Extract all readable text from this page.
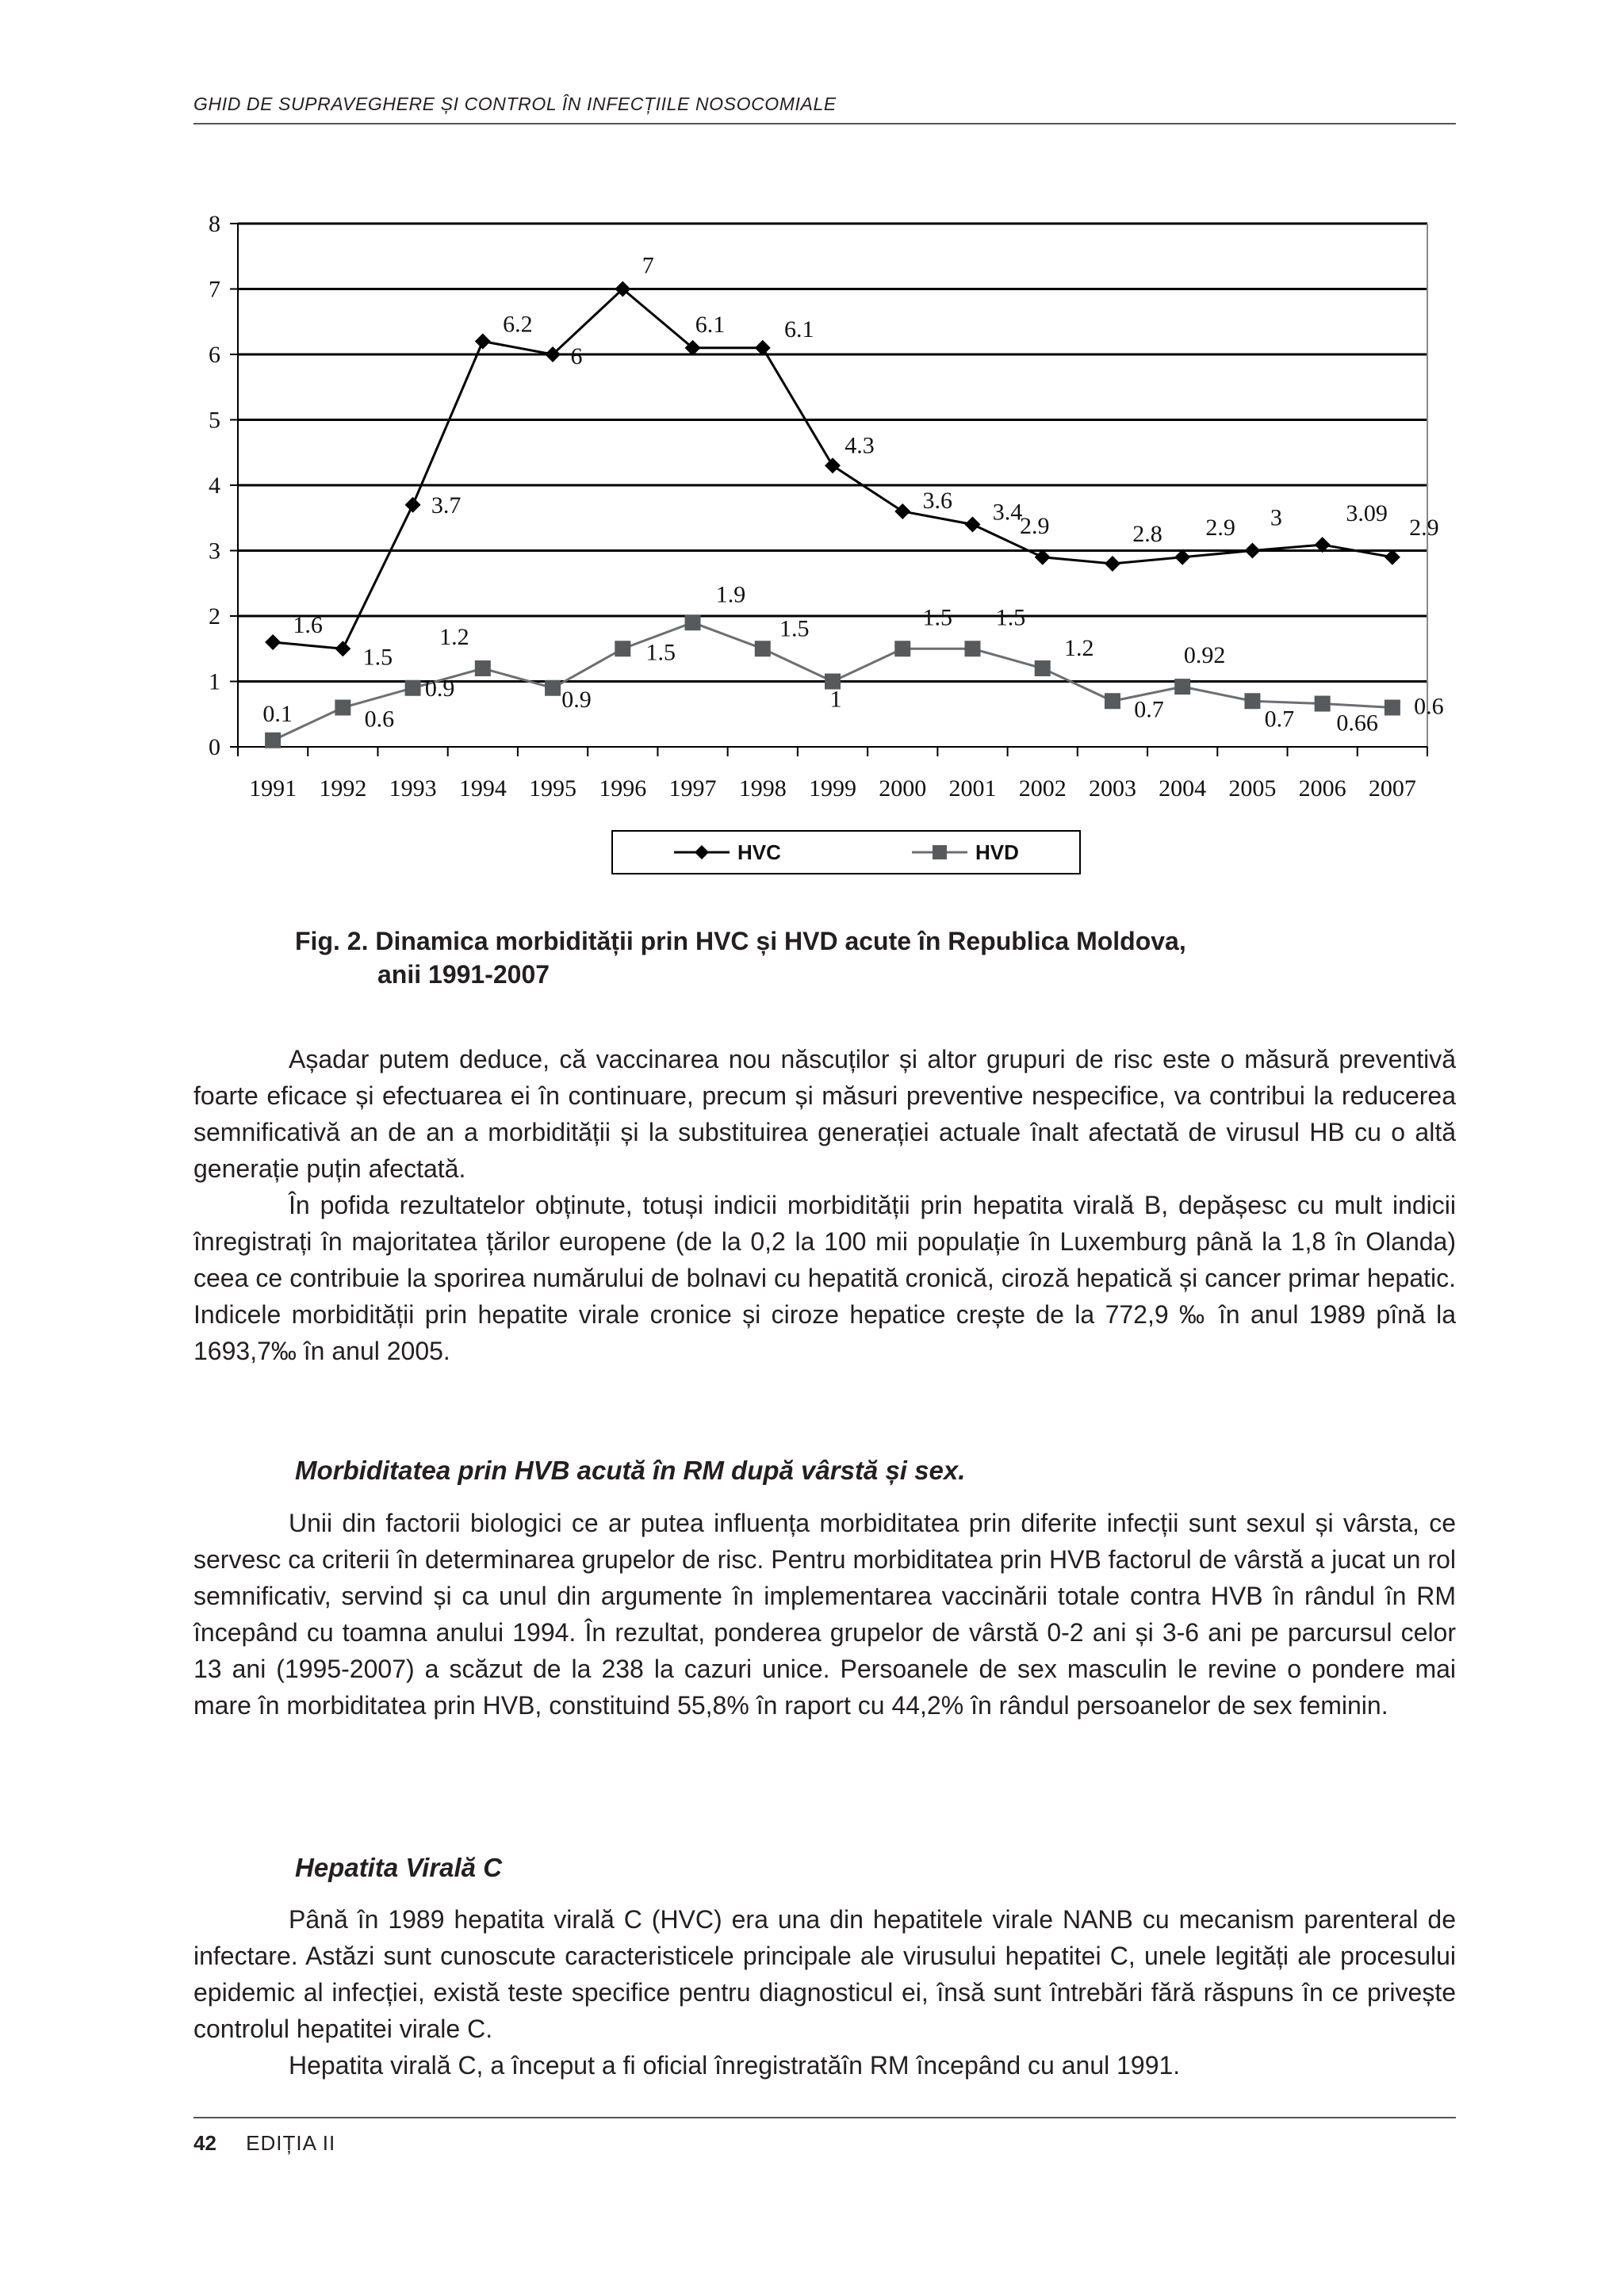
GHID DE SUPRAVEGHERE ȘI CONTROL ÎN INFECȚIILE NOSOCOMIALE
0
1
2
3
4
5
6
7
8
1991 1992 1993 1994 1995 1996 1997 1998 1999 2000 2001 2002 2003 2004 2005 2006 2007
1.6
1.5
3.7
6.2
6
7
6.1 6.1
4.3
3.6 3.4
2.9	2.8 2.9 3	3.09
2.9
0.1	0.6
0.9
1.2
0.9
1.5
1.9
1.5
1
1.5 1.5
1.2
0.7
0.92
0.7 0.66
0.6
HVC	HVD
Fig. 2. Dinamica morbidității prin HVC și HVD acute în Republica Moldova,
anii 1991-2007

Așadar putem deduce, că vaccinarea nou născuților și altor grupuri de risc este o măsură preventivă foarte eficace și efectuarea ei în continuare, precum și măsuri preventive nespecifice, va contribui la reducerea semnificativă an de an a morbidității și la substituirea generației actuale înalt afectată de virusul HB cu o altă generație puțin afectată.

În pofida rezultatelor obținute, totuși indicii morbidității prin hepatita virală B, depășesc cu mult indicii înregistrați în majoritatea țărilor europene (de la 0,2 la 100 mii populație în Luxemburg până la 1,8 în Olanda) ceea ce contribuie la sporirea numărului de bolnavi cu hepatită cronică, ciroză hepatică și cancer primar hepatic. Indicele morbidității prin hepatite virale cronice și ciroze hepatice crește de la 772,9 ‰ în anul 1989 pînă la 1693,7‰ în anul 2005.

Morbiditatea prin HVB acută în RM după vârstă și sex.

Unii din factorii biologici ce ar putea influența morbiditatea prin diferite infecții sunt sexul și vârsta, ce servesc ca criterii în determinarea grupelor de risc. Pentru morbiditatea prin HVB factorul de vârstă a jucat un rol semnificativ, servind și ca unul din argumente în implementarea vaccinării totale contra HVB în rândul în RM începând cu toamna anului 1994. În rezultat, ponderea grupelor de vârstă 0-2 ani și 3-6 ani pe parcursul celor 13 ani (1995-2007) a scăzut de la 238 la cazuri unice. Persoanele de sex masculin le revine o pondere mai mare în morbiditatea prin HVB, constituind 55,8% în raport cu 44,2% în rândul persoanelor de sex feminin.

Hepatita Virală C

Până în 1989 hepatita virală C (HVC) era una din hepatitele virale NANB cu mecanism parenteral de infectare. Astăzi sunt cunoscute caracteristicele principale ale virusului hepatitei C, unele legități ale procesului epidemic al infecției, există teste specifice pentru diagnosticul ei, însă sunt întrebări fără răspuns în ce privește controlul hepatitei virale C.

Hepatita virală C, a început a fi oficial înregistratăîn RM începând cu anul 1991.

42 EDIȚIA II
